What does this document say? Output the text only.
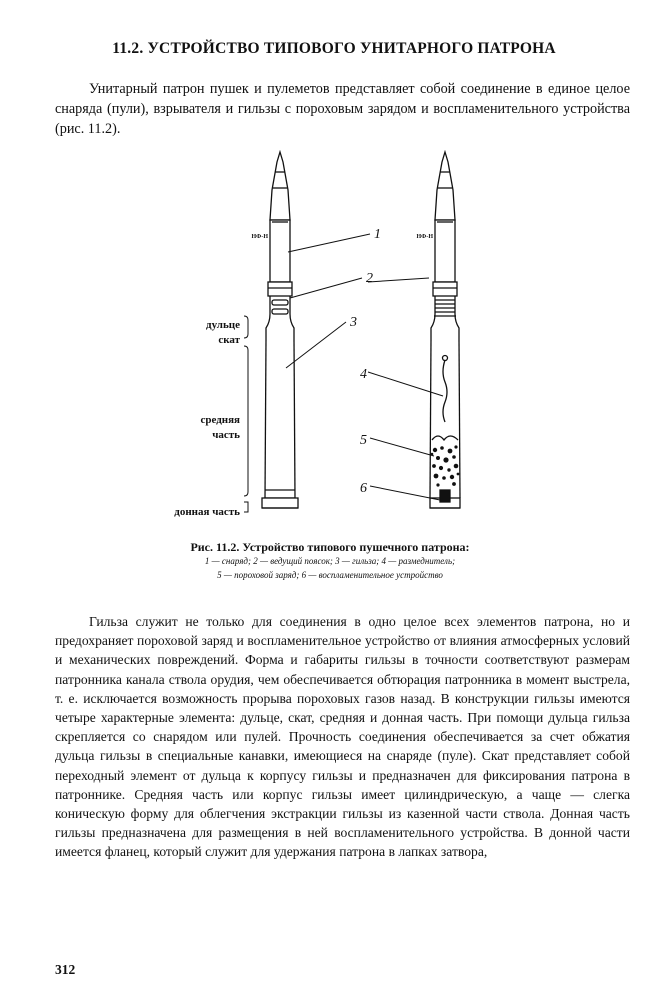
11.2. УСТРОЙСТВО ТИПОВОГО УНИТАРНОГО ПАТРОНА
Унитарный патрон пушек и пулеметов представляет собой соединение в единое целое снаряда (пули), взрывателя и гильзы с пороховым зарядом и воспламенительного устройства (рис. 11.2).
НФ-Н	НФ-Н
1
2
3
4
5
6
дульце
скат
средняя
часть
донная часть
Рис. 11.2. Устройство типового пушечного патрона:
1 — снаряд; 2 — ведущий поясок; 3 — гильза; 4 — размеднитель;
5 — пороховой заряд; 6 — воспламенительное устройство
Гильза служит не только для соединения в одно целое всех элементов патрона, но и предохраняет пороховой заряд и воспламенительное устройство от влияния атмосферных условий и механических повреждений. Форма и габариты гильзы в точности соответствуют размерам патронника канала ствола орудия, чем обеспечивается обтюрация патронника в момент выстрела, т. е. исключается возможность прорыва пороховых газов назад. В конструкции гильзы имеются четыре характерные элемента: дульце, скат, средняя и донная часть. При помощи дульца гильза скрепляется со снарядом или пулей. Прочность соединения обеспечивается за счет обжатия дульца гильзы в специальные канавки, имеющиеся на снаряде (пуле). Скат представляет собой переходный элемент от дульца к корпусу гильзы и предназначен для фиксирования патрона в патроннике. Средняя часть или корпус гильзы имеет цилиндрическую, а чаще — слегка коническую форму для облегчения экстракции гильзы из казенной части ствола. Донная часть гильзы предназначена для размещения в ней воспламенительного устройства. В донной части имеется фланец, который служит для удержания патрона в лапках затвора,
312
